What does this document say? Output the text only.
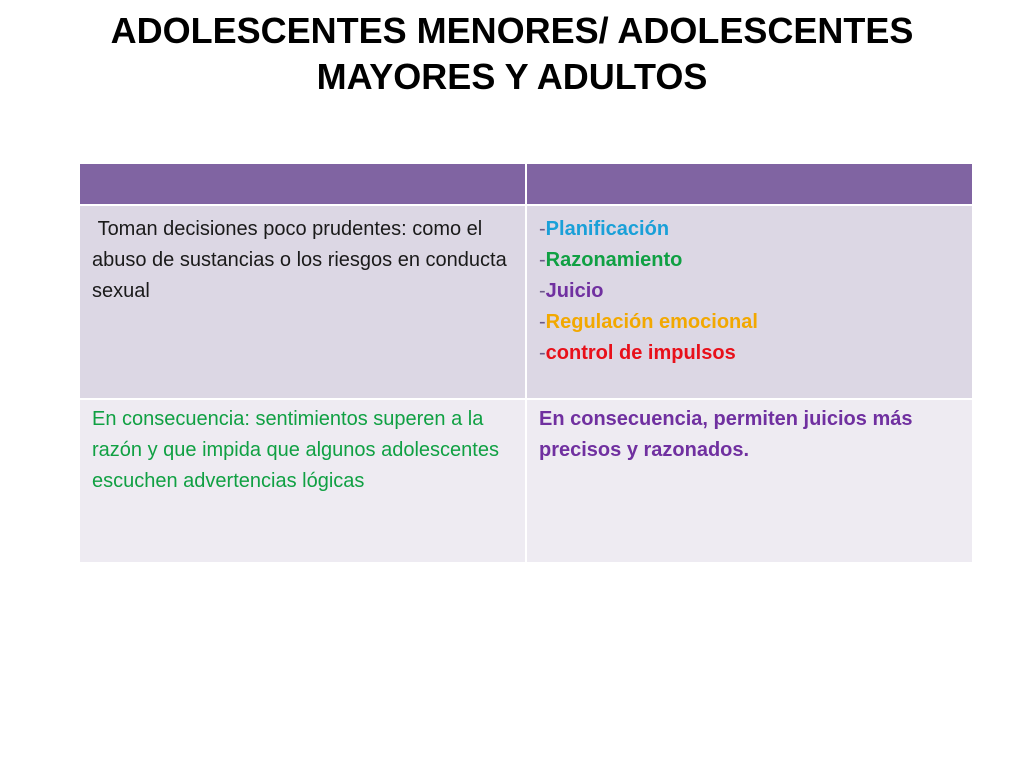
ADOLESCENTES MENORES/ ADOLESCENTES
MAYORES Y ADULTOS

Toman decisiones poco prudentes: como el abuso de sustancias o los riesgos en conducta sexual	-Planificación
-Razonamiento
-Juicio
-Regulación emocional
-control de impulsos

En consecuencia: sentimientos superen a la razón y que impida que algunos adolescentes escuchen advertencias lógicas	En consecuencia, permiten juicios más precisos y razonados.
